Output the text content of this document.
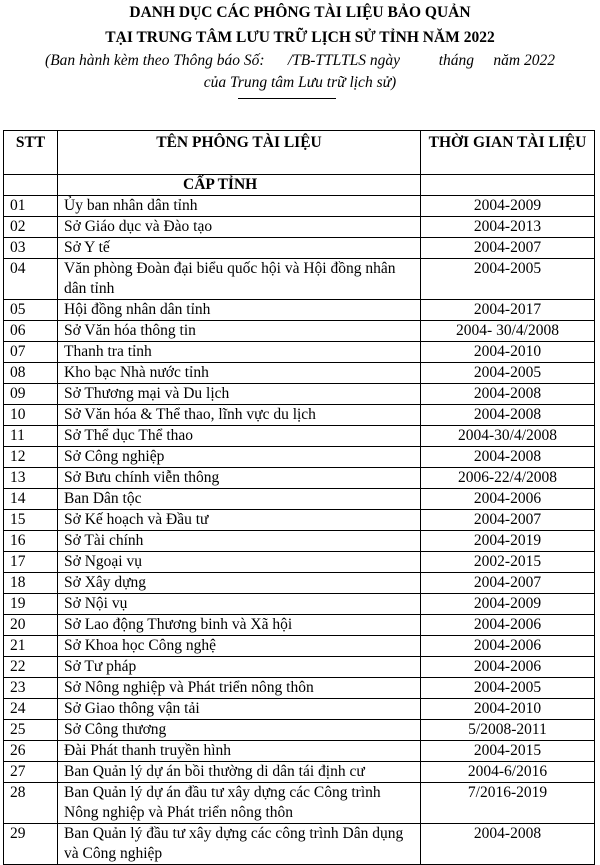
DANH DỤC CÁC PHÔNG TÀI LIỆU BẢO QUẢN
TẠI TRUNG TÂM LƯU TRỮ LỊCH SỬ TỈNH NĂM 2022
(Ban hành kèm theo Thông báo Số:      /TB-TTLTLS ngày          tháng     năm 2022
của Trung tâm Lưu trữ lịch sử)
STT	TÊN PHÔNG TÀI LIỆU	THỜI GIAN TÀI LIỆU
	CẤP TỈNH	
01	Ủy ban nhân dân tỉnh	2004-2009
02	Sở Giáo dục và Đào tạo	2004-2013
03	Sở Y tế	2004-2007
04	Văn phòng Đoàn đại biểu quốc hội và Hội đồng nhân dân tỉnh	2004-2005
05	Hội đồng nhân dân tỉnh	2004-2017
06	Sở Văn hóa thông tin	2004- 30/4/2008
07	Thanh tra tỉnh	2004-2010
08	Kho bạc Nhà nước tỉnh	2004-2005
09	Sở Thương mại và Du lịch	2004-2008
10	Sở Văn hóa & Thể thao, lĩnh vực du lịch	2004-2008
11	Sở Thể dục Thể thao	2004-30/4/2008
12	Sở Công nghiệp	2004-2008
13	Sở Bưu chính viễn thông	2006-22/4/2008
14	Ban Dân tộc	2004-2006
15	Sở Kế hoạch và Đầu tư	2004-2007
16	Sở Tài chính	2004-2019
17	Sở Ngoại vụ	2002-2015
18	Sở Xây dựng	2004-2007
19	Sở Nội vụ	2004-2009
20	Sở Lao động Thương binh và Xã hội	2004-2006
21	Sở Khoa học Công nghệ	2004-2006
22	Sở Tư pháp	2004-2006
23	Sở Nông nghiệp và Phát triển nông thôn	2004-2005
24	Sở Giao thông vận tải	2004-2010
25	Sở Công thương	5/2008-2011
26	Đài Phát thanh truyền hình	2004-2015
27	Ban Quản lý dự án bồi thường di dân tái định cư	2004-6/2016
28	Ban Quản lý dự án đầu tư xây dựng các Công trình Nông nghiệp và Phát triển nông thôn	7/2016-2019
29	Ban Quản lý đầu tư xây dựng các công trình Dân dụng và Công nghiệp	2004-2008
